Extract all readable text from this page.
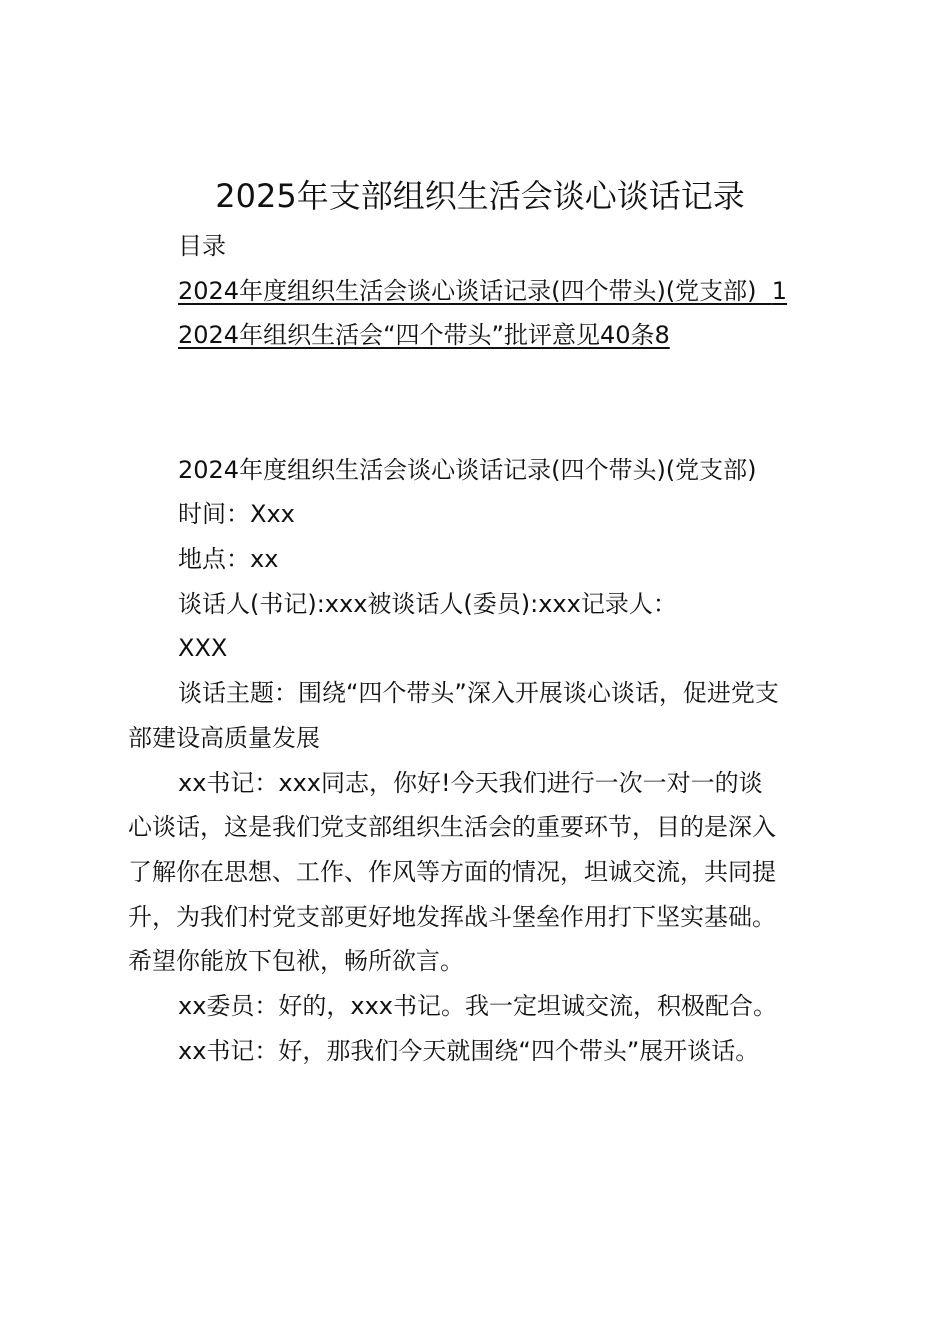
2025年支部组织生活会谈心谈话记录
目录
2024年度组织生活会谈心谈话记录(四个带头)(党支部) 1
2024年组织生活会“四个带头”批评意见40条8
2024年度组织生活会谈心谈话记录(四个带头)(党支部)
时间：Xxx
地点：xx
谈话人(书记):xxx被谈话人(委员):xxx记录人：
XXX
谈话主题：围绕“四个带头”深入开展谈心谈话，促进党支
部建设高质量发展
xx书记：xxx同志，你好!今天我们进行一次一对一的谈
心谈话，这是我们党支部组织生活会的重要环节，目的是深入
了解你在思想、工作、作风等方面的情况，坦诚交流，共同提
升，为我们村党支部更好地发挥战斗堡垒作用打下坚实基础。
希望你能放下包袱，畅所欲言。
xx委员：好的，xxx书记。我一定坦诚交流，积极配合。
xx书记：好，那我们今天就围绕“四个带头”展开谈话。
